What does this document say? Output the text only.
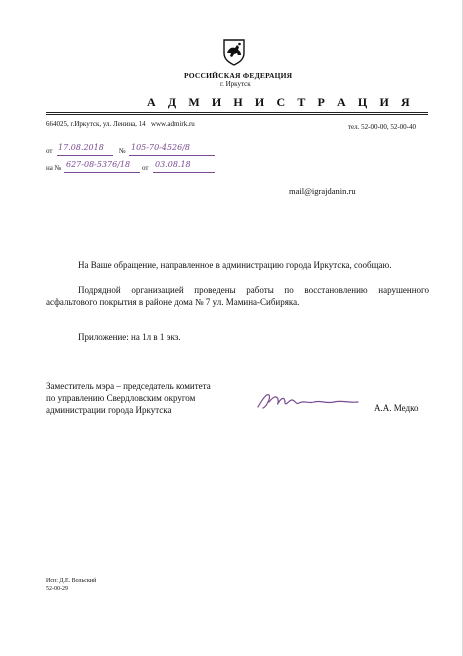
РОССИЙСКАЯ ФЕДЕРАЦИЯ
г. Иркутск
А Д М И Н И С Т Р А Ц И Я
664025, г.Иркутск, ул. Ленина, 14 www.admirk.ru	тел. 52-00-00, 52-00-40
от 17.08.2018 № 105-70-4526/8
на № 627-08-5376/18 от 03.08.18
mail@igrajdanin.ru
На Ваше обращение, направленное в администрацию города Иркутска, сообщаю.
Подрядной организацией проведены работы по восстановлению нарушенного асфальтового покрытия в районе дома № 7 ул. Мамина-Сибиряка.
Приложение: на 1л в 1 экз.
Заместитель мэра – председатель комитета
по управлению Свердловским округом
администрации города Иркутска	А.А. Медко
Исп: Д.Е. Вольский
52-00-29
